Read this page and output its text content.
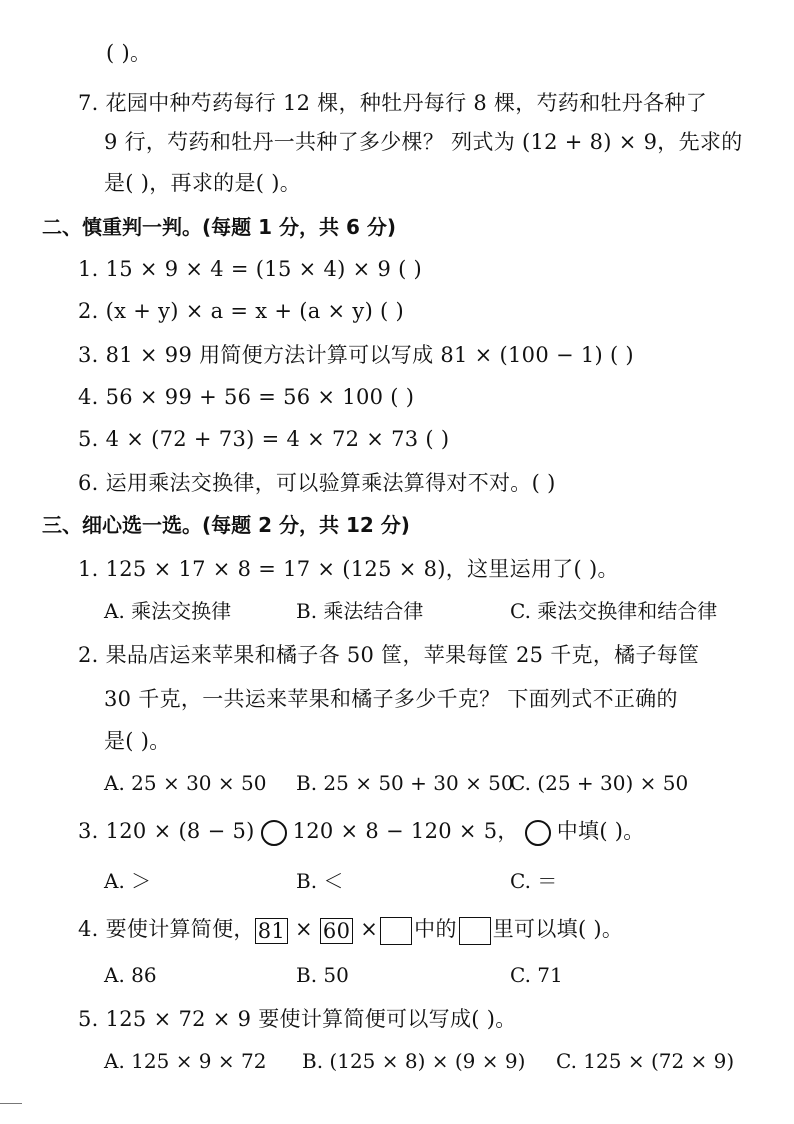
( )。
7. 花园中种芍药每行 12 棵，种牡丹每行 8 棵，芍药和牡丹各种了
9 行，芍药和牡丹一共种了多少棵？ 列式为 (12 + 8) × 9，先求的
是( )，再求的是( )。
二、慎重判一判。(每题 1 分，共 6 分)
1. 15 × 9 × 4 = (15 × 4) × 9 ( )
2. (x + y) × a = x + (a × y) ( )
3. 81 × 99 用简便方法计算可以写成 81 × (100 − 1) ( )
4. 56 × 99 + 56 = 56 × 100 ( )
5. 4 × (72 + 73) = 4 × 72 × 73 ( )
6. 运用乘法交换律，可以验算乘法算得对不对。( )
三、细心选一选。(每题 2 分，共 12 分)
1. 125 × 17 × 8 = 17 × (125 × 8)，这里运用了( )。
A. 乘法交换律	B. 乘法结合律	C. 乘法交换律和结合律
2. 果品店运来苹果和橘子各 50 筐，苹果每筐 25 千克，橘子每筐
30 千克，一共运来苹果和橘子多少千克？ 下面列式不正确的
是( )。
A. 25 × 30 × 50 B. 25 × 50 + 30 × 50
C. (25 + 30) × 50
3. 120 × (8 − 5) 120 × 8 − 120 × 5， 中填( )。
A. ＞	B. ＜	C. ＝
4. 要使计算简便， 81 × 60 × 中的 里可以填( )。
A. 86	B. 50	C. 71
5. 125 × 72 × 9 要使计算简便可以写成( )。
A. 125 × 9 × 72 B. (125 × 8) × (9 × 9) C. 125 × (72 × 9)
